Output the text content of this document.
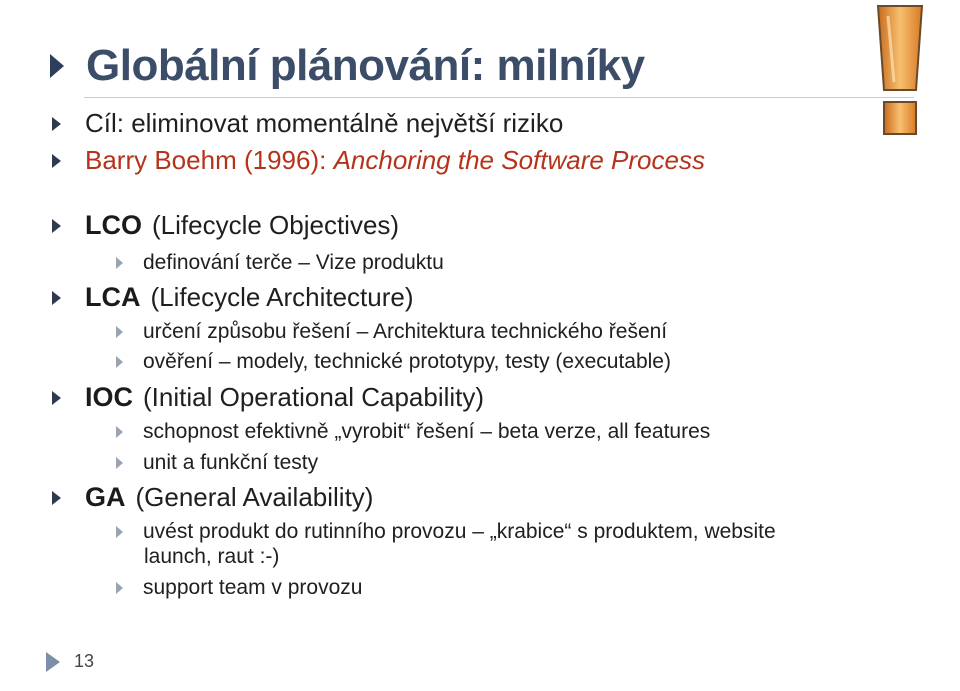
Globální plánování: milníky
Cíl: eliminovat momentálně největší riziko
Barry Boehm (1996): Anchoring the Software Process
LCO (Lifecycle Objectives)
definování terče – Vize produktu
LCA (Lifecycle Architecture)
určení způsobu řešení – Architektura technického řešení
ověření – modely, technické prototypy, testy (executable)
IOC (Initial Operational Capability)
schopnost efektivně „vyrobit“ řešení – beta verze, all features
unit a funkční testy
GA (General Availability)
uvést produkt do rutinního provozu – „krabice“ s produktem, website
launch, raut :-)
support team v provozu
13
